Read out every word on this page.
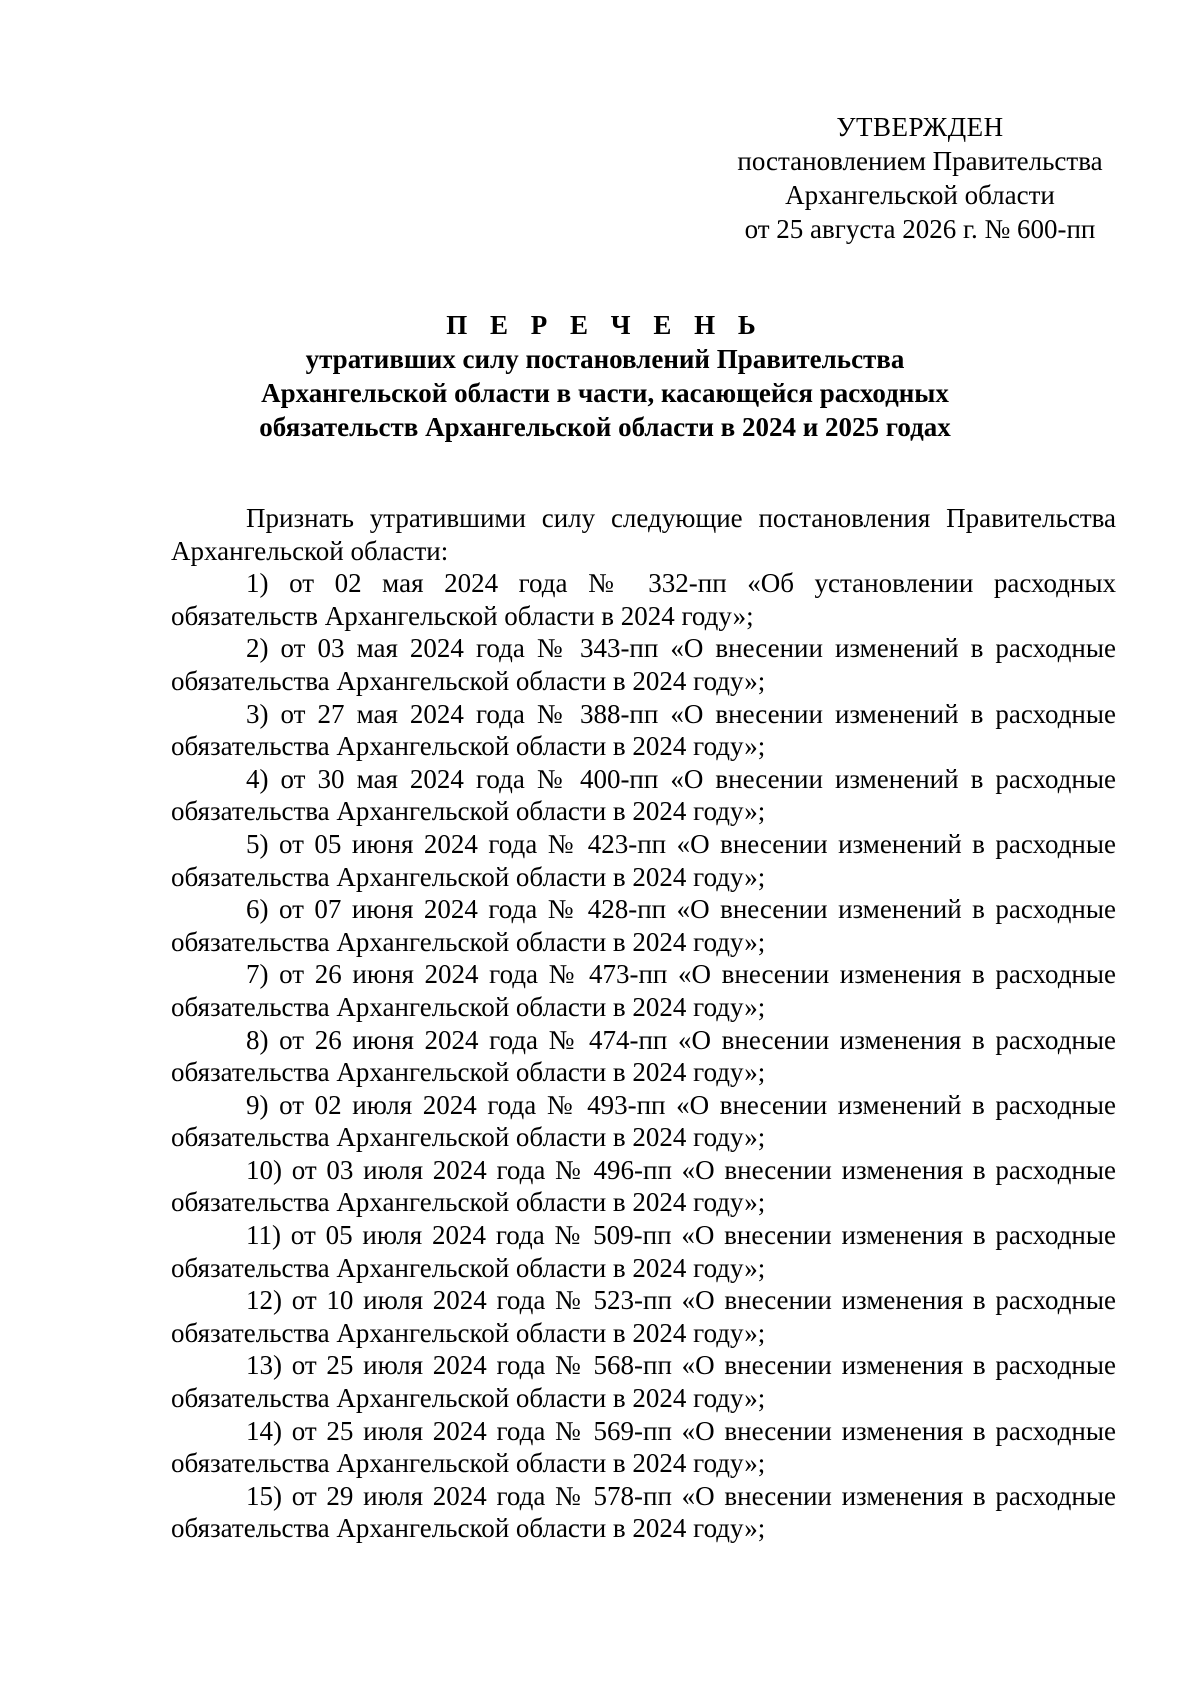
УТВЕРЖДЕН
постановлением Правительства
Архангельской области
от 25 августа 2026 г. № 600-пп
П Е Р Е Ч Е Н Ь
утративших силу постановлений Правительства
Архангельской области в части, касающейся расходных
обязательств Архангельской области в 2024 и 2025 годах

Признать утратившими силу следующие постановления Правительства Архангельской области:

1) от 02 мая 2024 года № 332-пп «Об установлении расходных обязательств Архангельской области в 2024 году»;

2) от 03 мая 2024 года № 343-пп «О внесении изменений в расходные обязательства Архангельской области в 2024 году»;

3) от 27 мая 2024 года № 388-пп «О внесении изменений в расходные обязательства Архангельской области в 2024 году»;

4) от 30 мая 2024 года № 400-пп «О внесении изменений в расходные обязательства Архангельской области в 2024 году»;

5) от 05 июня 2024 года № 423-пп «О внесении изменений в расходные обязательства Архангельской области в 2024 году»;

6) от 07 июня 2024 года № 428-пп «О внесении изменений в расходные обязательства Архангельской области в 2024 году»;

7) от 26 июня 2024 года № 473-пп «О внесении изменения в расходные обязательства Архангельской области в 2024 году»;

8) от 26 июня 2024 года № 474-пп «О внесении изменения в расходные обязательства Архангельской области в 2024 году»;

9) от 02 июля 2024 года № 493-пп «О внесении изменений в расходные обязательства Архангельской области в 2024 году»;

10) от 03 июля 2024 года № 496-пп «О внесении изменения в расходные обязательства Архангельской области в 2024 году»;

11) от 05 июля 2024 года № 509-пп «О внесении изменения в расходные обязательства Архангельской области в 2024 году»;

12) от 10 июля 2024 года № 523-пп «О внесении изменения в расходные обязательства Архангельской области в 2024 году»;

13) от 25 июля 2024 года № 568-пп «О внесении изменения в расходные обязательства Архангельской области в 2024 году»;

14) от 25 июля 2024 года № 569-пп «О внесении изменения в расходные обязательства Архангельской области в 2024 году»;

15) от 29 июля 2024 года № 578-пп «О внесении изменения в расходные обязательства Архангельской области в 2024 году»;
